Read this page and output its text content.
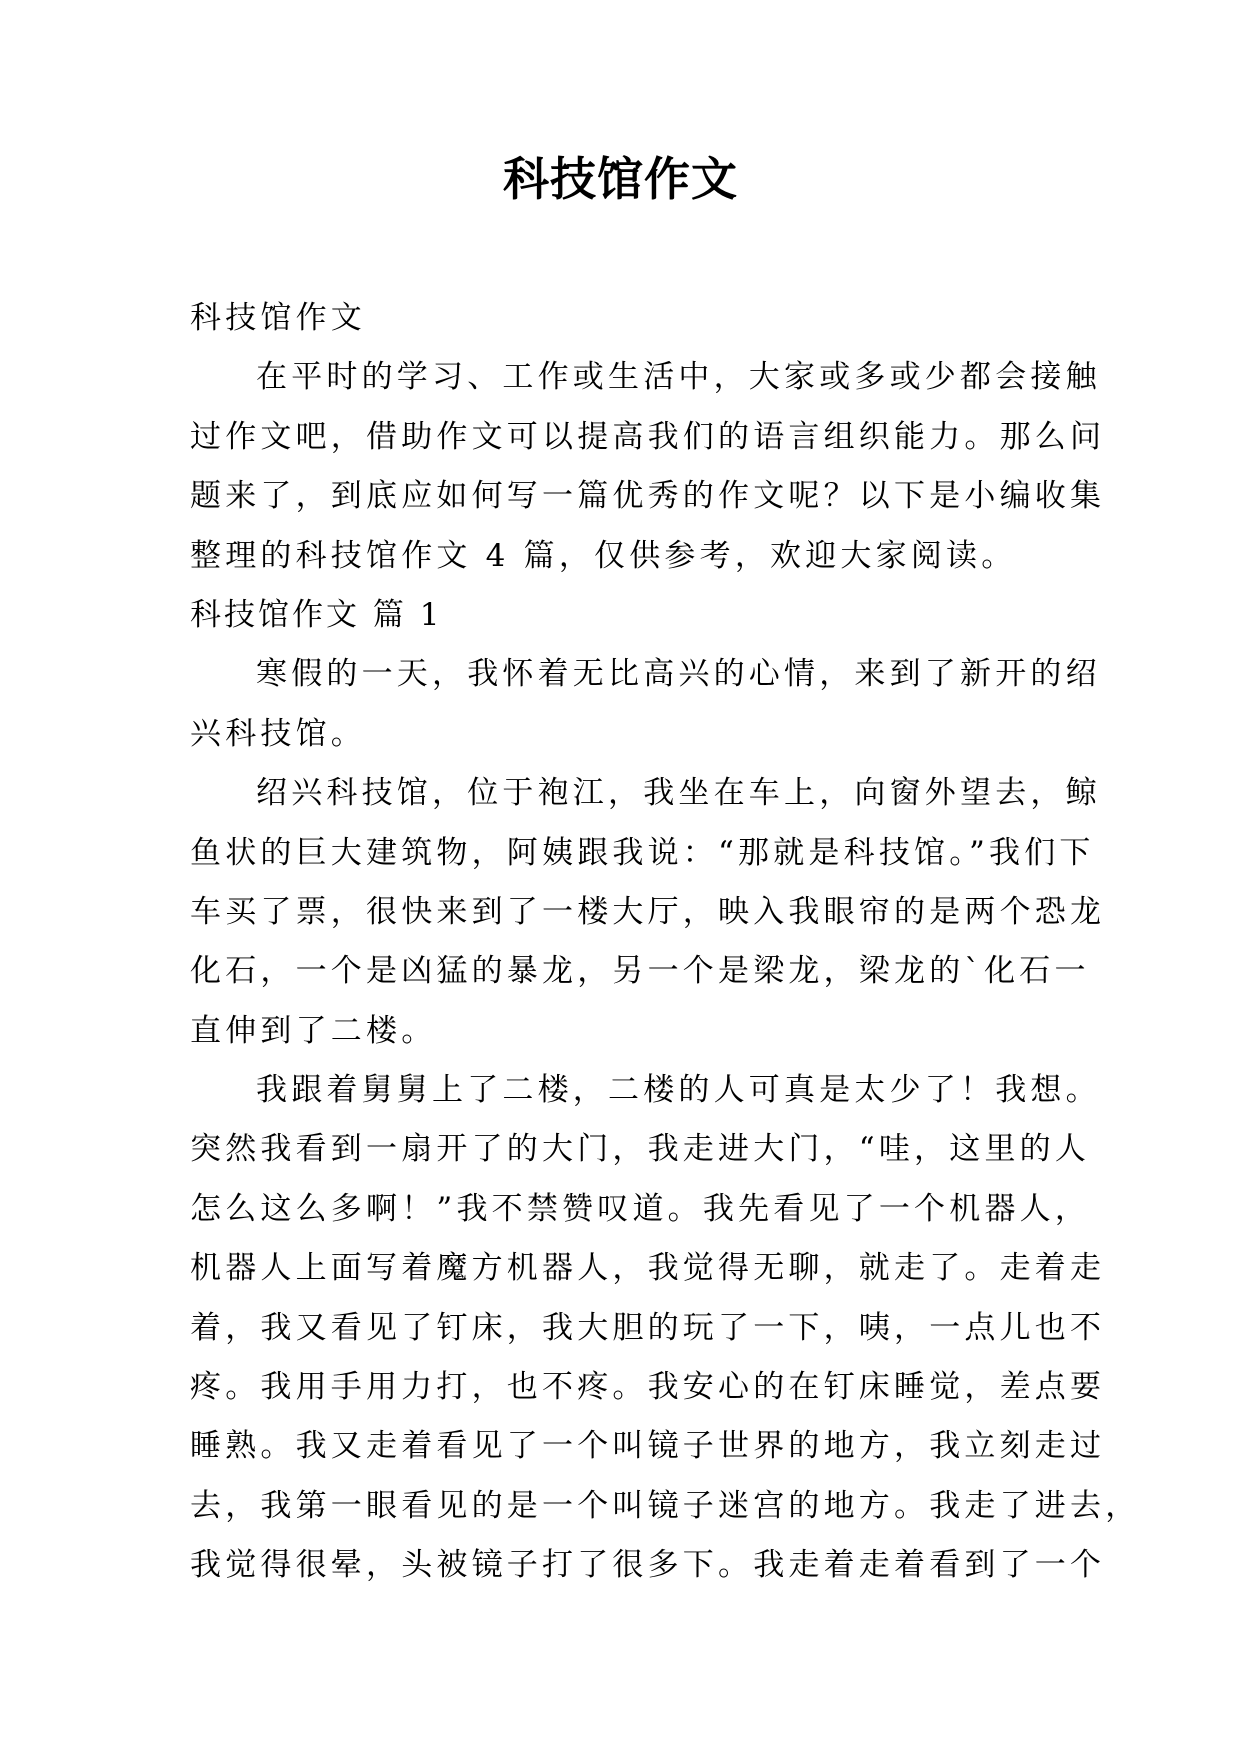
科技馆作文
科技馆作文
在平时的学习、工作或生活中，大家或多或少都会接触
过作文吧，借助作文可以提高我们的语言组织能力。那么问
题来了，到底应如何写一篇优秀的作文呢？以下是小编收集
整理的科技馆作文 4 篇，仅供参考，欢迎大家阅读。
科技馆作文 篇 1
寒假的一天，我怀着无比高兴的心情，来到了新开的绍
兴科技馆。
绍兴科技馆，位于袍江，我坐在车上，向窗外望去，鲸
鱼状的巨大建筑物，阿姨跟我说：“那就是科技馆。”我们下
车买了票，很快来到了一楼大厅，映入我眼帘的是两个恐龙
化石，一个是凶猛的暴龙，另一个是梁龙，梁龙的`化石一
直伸到了二楼。
我跟着舅舅上了二楼，二楼的人可真是太少了！我想。
突然我看到一扇开了的大门，我走进大门，“哇，这里的人
怎么这么多啊！”我不禁赞叹道。我先看见了一个机器人，
机器人上面写着魔方机器人，我觉得无聊，就走了。走着走
着，我又看见了钉床，我大胆的玩了一下，咦，一点儿也不
疼。我用手用力打，也不疼。我安心的在钉床睡觉，差点要
睡熟。我又走着看见了一个叫镜子世界的地方，我立刻走过
去，我第一眼看见的是一个叫镜子迷宫的地方。我走了进去，
我觉得很晕，头被镜子打了很多下。我走着走着看到了一个
